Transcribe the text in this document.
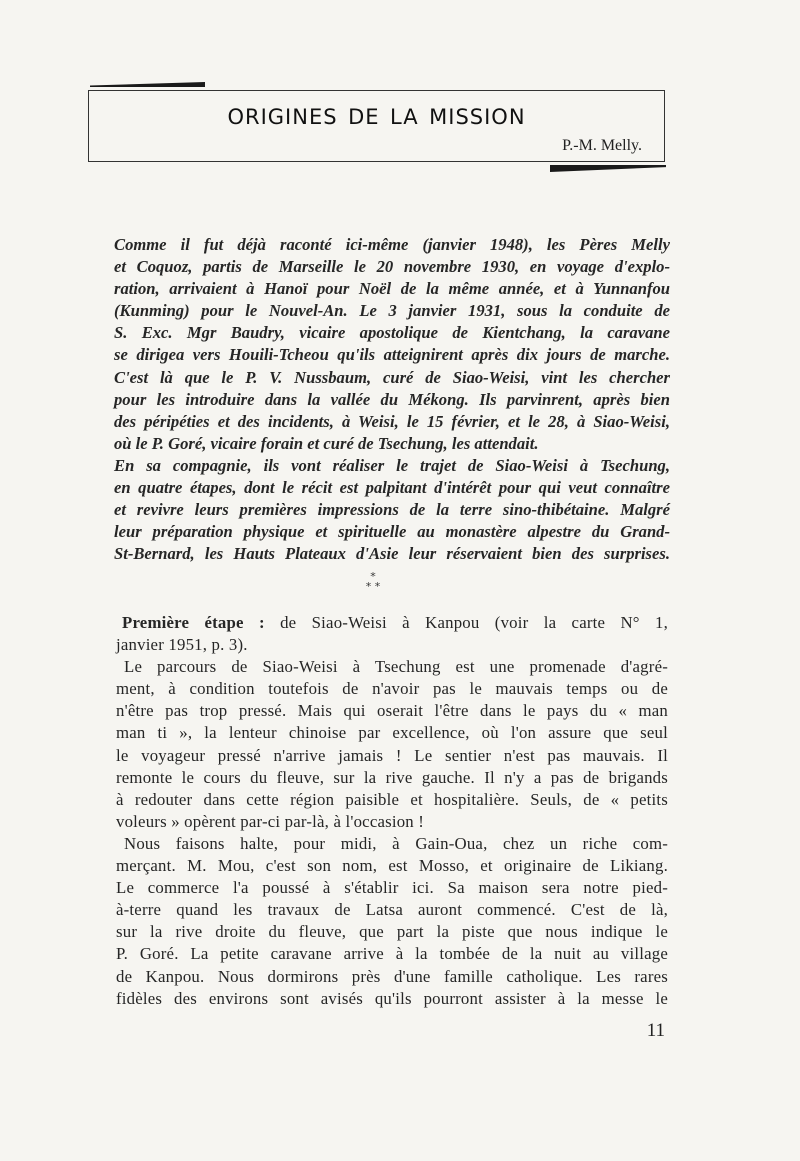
origines de la mission
P.-M. Melly.
Comme il fut déjà raconté ici-même (janvier 1948), les Pères Melly
et Coquoz, partis de Marseille le 20 novembre 1930, en voyage d'explo-
ration, arrivaient à Hanoï pour Noël de la même année, et à Yunnanfou
(Kunming) pour le Nouvel-An. Le 3 janvier 1931, sous la conduite de
S. Exc. Mgr Baudry, vicaire apostolique de Kientchang, la caravane
se dirigea vers Houili-Tcheou qu'ils atteignirent après dix jours de marche.
C'est là que le P. V. Nussbaum, curé de Siao-Weisi, vint les chercher
pour les introduire dans la vallée du Mékong. Ils parvinrent, après bien
des péripéties et des incidents, à Weisi, le 15 février, et le 28, à Siao-Weisi,
où le P. Goré, vicaire forain et curé de Tsechung, les attendait.
En sa compagnie, ils vont réaliser le trajet de Siao-Weisi à Tsechung,
en quatre étapes, dont le récit est palpitant d'intérêt pour qui veut connaître
et revivre leurs premières impressions de la terre sino-thibétaine. Malgré
leur préparation physique et spirituelle au monastère alpestre du Grand-
St-Bernard, les Hauts Plateaux d'Asie leur réservaient bien des surprises.
*
* *
Première étape : de Siao-Weisi à Kanpou (voir la carte N° 1,
janvier 1951, p. 3).
Le parcours de Siao-Weisi à Tsechung est une promenade d'agré-
ment, à condition toutefois de n'avoir pas le mauvais temps ou de
n'être pas trop pressé. Mais qui oserait l'être dans le pays du « man
man ti », la lenteur chinoise par excellence, où l'on assure que seul
le voyageur pressé n'arrive jamais ! Le sentier n'est pas mauvais. Il
remonte le cours du fleuve, sur la rive gauche. Il n'y a pas de brigands
à redouter dans cette région paisible et hospitalière. Seuls, de « petits
voleurs » opèrent par-ci par-là, à l'occasion !
Nous faisons halte, pour midi, à Gain-Oua, chez un riche com-
merçant. M. Mou, c'est son nom, est Mosso, et originaire de Likiang.
Le commerce l'a poussé à s'établir ici. Sa maison sera notre pied-
à-terre quand les travaux de Latsa auront commencé. C'est de là,
sur la rive droite du fleuve, que part la piste que nous indique le
P. Goré. La petite caravane arrive à la tombée de la nuit au village
de Kanpou. Nous dormirons près d'une famille catholique. Les rares
fidèles des environs sont avisés qu'ils pourront assister à la messe le
11
